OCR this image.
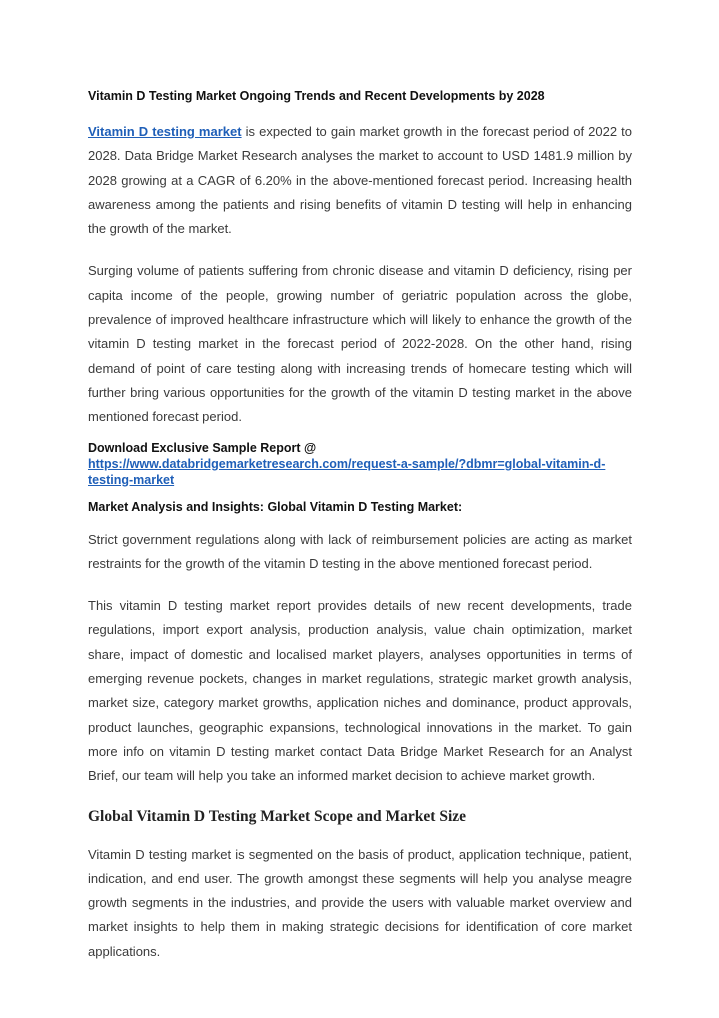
Vitamin D Testing Market Ongoing Trends and Recent Developments by 2028

Vitamin D testing market is expected to gain market growth in the forecast period of 2022 to 2028. Data Bridge Market Research analyses the market to account to USD 1481.9 million by 2028 growing at a CAGR of 6.20% in the above-mentioned forecast period. Increasing health awareness among the patients and rising benefits of vitamin D testing will help in enhancing the growth of the market.

Surging volume of patients suffering from chronic disease and vitamin D deficiency, rising per capita income of the people, growing number of geriatric population across the globe, prevalence of improved healthcare infrastructure which will likely to enhance the growth of the vitamin D testing market in the forecast period of 2022-2028. On the other hand, rising demand of point of care testing along with increasing trends of homecare testing which will further bring various opportunities for the growth of the vitamin D testing market in the above mentioned forecast period.

Download Exclusive Sample Report @ https://www.databridgemarketresearch.com/request-a-sample/?dbmr=global-vitamin-d-testing-market

Market Analysis and Insights: Global Vitamin D Testing Market:

Strict government regulations along with lack of reimbursement policies are acting as market restraints for the growth of the vitamin D testing in the above mentioned forecast period.

This vitamin D testing market report provides details of new recent developments, trade regulations, import export analysis, production analysis, value chain optimization, market share, impact of domestic and localised market players, analyses opportunities in terms of emerging revenue pockets, changes in market regulations, strategic market growth analysis, market size, category market growths, application niches and dominance, product approvals, product launches, geographic expansions, technological innovations in the market. To gain more info on vitamin D testing market contact Data Bridge Market Research for an Analyst Brief, our team will help you take an informed market decision to achieve market growth.

Global Vitamin D Testing Market Scope and Market Size

Vitamin D testing market is segmented on the basis of product, application technique, patient, indication, and end user. The growth amongst these segments will help you analyse meagre growth segments in the industries, and provide the users with valuable market overview and market insights to help them in making strategic decisions for identification of core market applications.
